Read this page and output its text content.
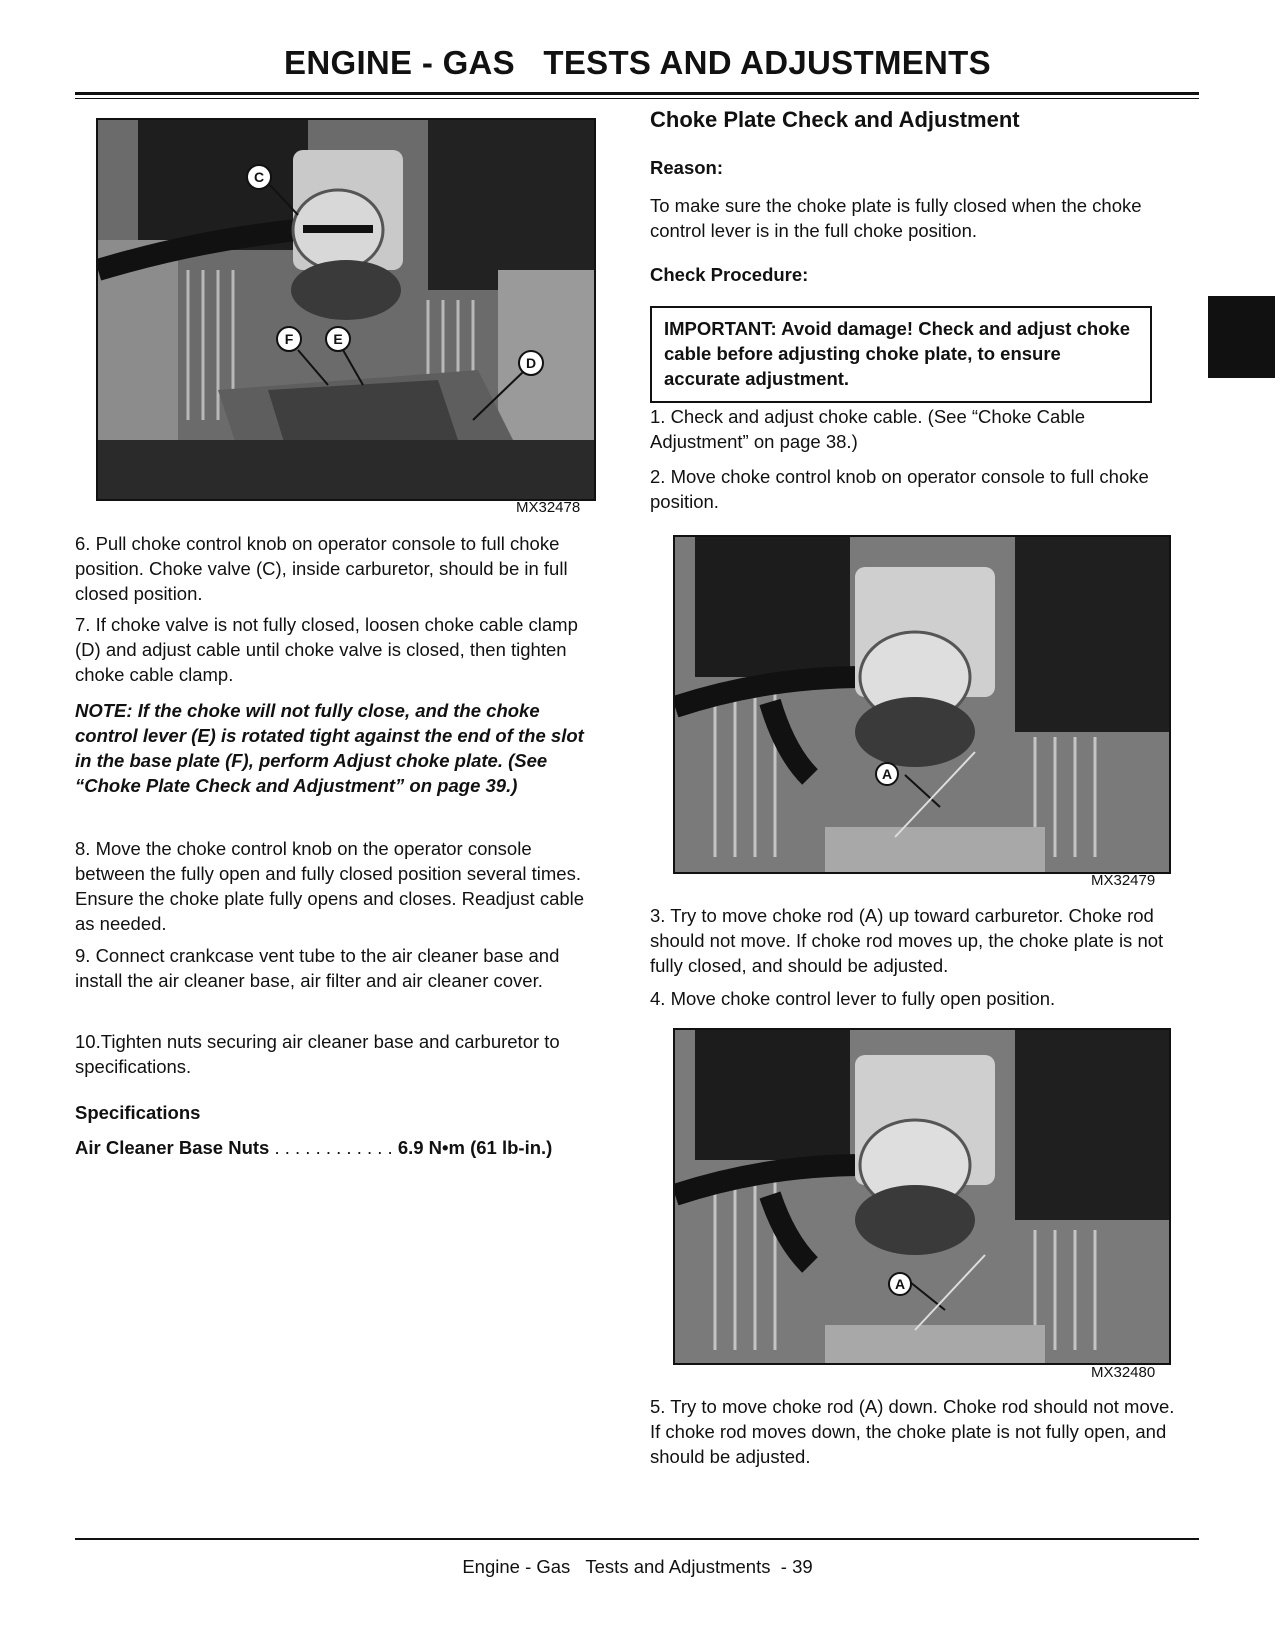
ENGINE - GAS   TESTS AND ADJUSTMENTS
C
F	E
D
MX32478
6. Pull choke control knob on operator console to full choke position. Choke valve (C), inside carburetor, should be in full closed position.
7. If choke valve is not fully closed, loosen choke cable clamp (D) and adjust cable until choke valve is closed, then tighten choke cable clamp.
NOTE: If the choke will not fully close, and the choke control lever (E) is rotated tight against the end of the slot in the base plate (F), perform Adjust choke plate. (See “Choke Plate Check and Adjustment” on page 39.)
8. Move the choke control knob on the operator console between the fully open and fully closed position several times. Ensure the choke plate fully opens and closes. Readjust cable as needed.
9. Connect crankcase vent tube to the air cleaner base and install the air cleaner base, air filter and air cleaner cover.
10.Tighten nuts securing air cleaner base and carburetor to specifications.
Specifications
Air Cleaner Base Nuts . . . . . . . . . . . . 6.9 N•m (61 lb-in.)
Choke Plate Check and Adjustment
Reason:
To make sure the choke plate is fully closed when the choke control lever is in the full choke position.
Check Procedure:
IMPORTANT: Avoid damage! Check and adjust choke cable before adjusting choke plate, to ensure accurate adjustment.
1. Check and adjust choke cable. (See “Choke Cable Adjustment” on page 38.)
2. Move choke control knob on operator console to full choke position.
A
MX32479
3. Try to move choke rod (A) up toward carburetor. Choke rod should not move. If choke rod moves up, the choke plate is not fully closed, and should be adjusted.
4. Move choke control lever to fully open position.
A
MX32480
5. Try to move choke rod (A) down. Choke rod should not move. If choke rod moves down, the choke plate is not fully open, and should be adjusted.
Engine - Gas   Tests and Adjustments  - 39
